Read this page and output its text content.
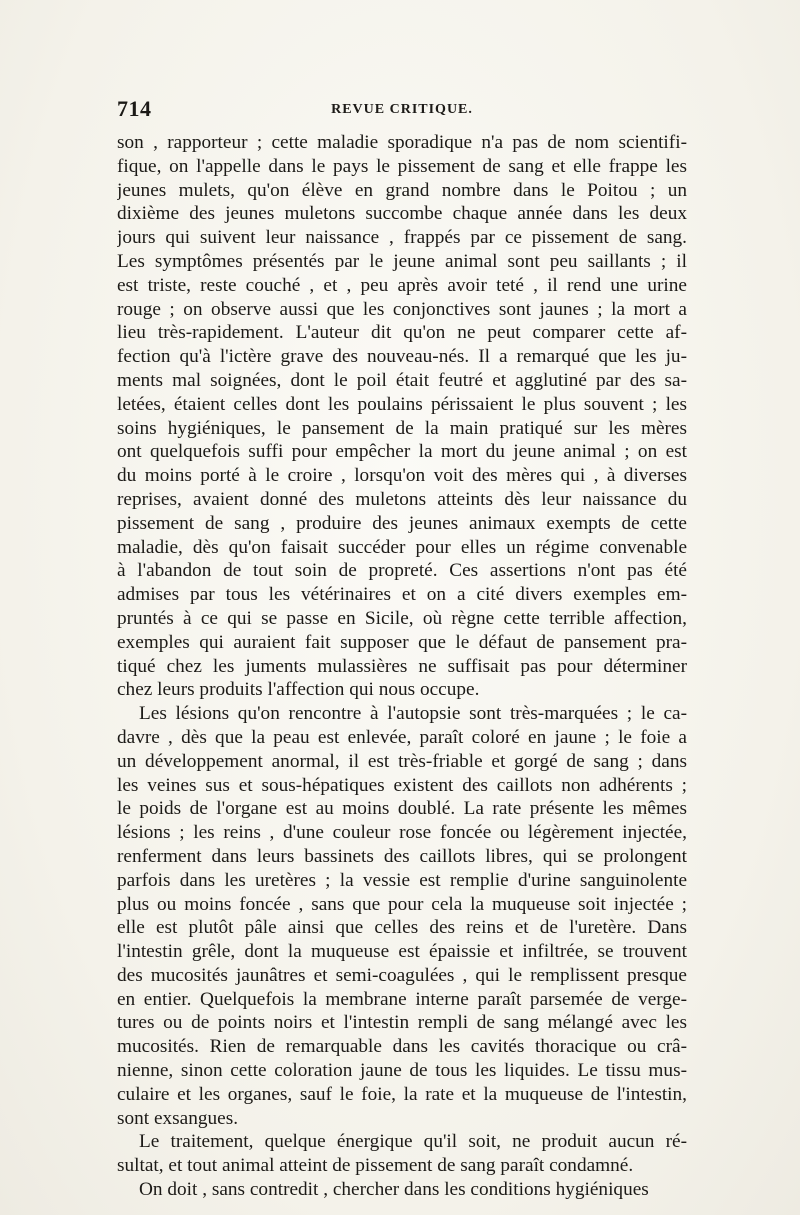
714	REVUE CRITIQUE.
son , rapporteur ; cette maladie sporadique n'a pas de nom scientifi-
fique, on l'appelle dans le pays le pissement de sang et elle frappe les
jeunes mulets, qu'on élève en grand nombre dans le Poitou ; un
dixième des jeunes muletons succombe chaque année dans les deux
jours qui suivent leur naissance , frappés par ce pissement de sang.
Les symptômes présentés par le jeune animal sont peu saillants ; il
est triste, reste couché , et , peu après avoir teté , il rend une urine
rouge ; on observe aussi que les conjonctives sont jaunes ; la mort a
lieu très-rapidement. L'auteur dit qu'on ne peut comparer cette af-
fection qu'à l'ictère grave des nouveau-nés. Il a remarqué que les ju-
ments mal soignées, dont le poil était feutré et agglutiné par des sa-
letées, étaient celles dont les poulains périssaient le plus souvent ; les
soins hygiéniques, le pansement de la main pratiqué sur les mères
ont quelquefois suffi pour empêcher la mort du jeune animal ; on est
du moins porté à le croire , lorsqu'on voit des mères qui , à diverses
reprises, avaient donné des muletons atteints dès leur naissance du
pissement de sang , produire des jeunes animaux exempts de cette
maladie, dès qu'on faisait succéder pour elles un régime convenable
à l'abandon de tout soin de propreté. Ces assertions n'ont pas été
admises par tous les vétérinaires et on a cité divers exemples em-
pruntés à ce qui se passe en Sicile, où règne cette terrible affection,
exemples qui auraient fait supposer que le défaut de pansement pra-
tiqué chez les juments mulassières ne suffisait pas pour déterminer
chez leurs produits l'affection qui nous occupe.
Les lésions qu'on rencontre à l'autopsie sont très-marquées ; le ca-
davre , dès que la peau est enlevée, paraît coloré en jaune ; le foie a
un développement anormal, il est très-friable et gorgé de sang ; dans
les veines sus et sous-hépatiques existent des caillots non adhérents ;
le poids de l'organe est au moins doublé. La rate présente les mêmes
lésions ; les reins , d'une couleur rose foncée ou légèrement injectée,
renferment dans leurs bassinets des caillots libres, qui se prolongent
parfois dans les uretères ; la vessie est remplie d'urine sanguinolente
plus ou moins foncée , sans que pour cela la muqueuse soit injectée ;
elle est plutôt pâle ainsi que celles des reins et de l'uretère. Dans
l'intestin grêle, dont la muqueuse est épaissie et infiltrée, se trouvent
des mucosités jaunâtres et semi-coagulées , qui le remplissent presque
en entier. Quelquefois la membrane interne paraît parsemée de verge-
tures ou de points noirs et l'intestin rempli de sang mélangé avec les
mucosités. Rien de remarquable dans les cavités thoracique ou crâ-
nienne, sinon cette coloration jaune de tous les liquides. Le tissu mus-
culaire et les organes, sauf le foie, la rate et la muqueuse de l'intestin,
sont exsangues.
Le traitement, quelque énergique qu'il soit, ne produit aucun ré-
sultat, et tout animal atteint de pissement de sang paraît condamné.
On doit , sans contredit , chercher dans les conditions hygiéniques
